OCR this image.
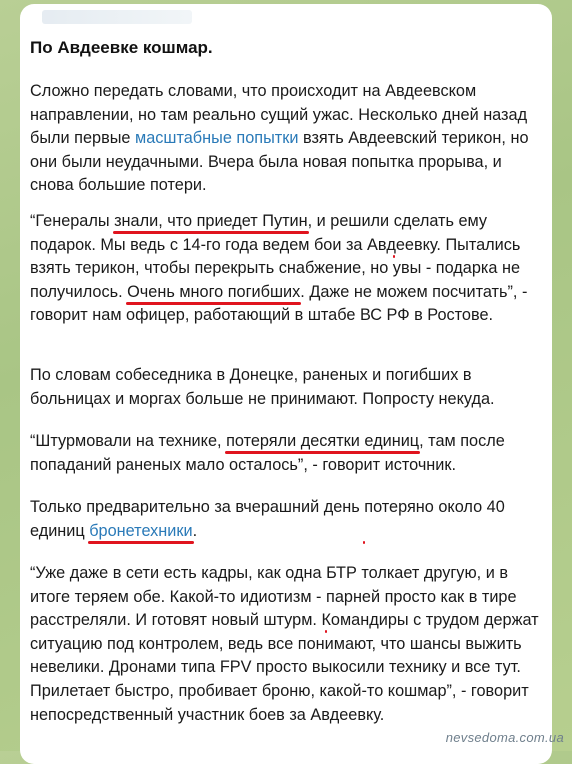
По Авдеевке кошмар.

Сложно передать словами, что происходит на Авдеевском направлении, но там реально сущий ужас. Несколько дней назад были первые масштабные попытки взять Авдеевский терикон, но они были неудачными. Вчера была новая попытка прорыва, и снова большие потери.

“Генералы знали, что приедет Путин, и решили сделать ему подарок. Мы ведь с 14-го года ведем бои за Авдеевку. Пытались взять терикон, чтобы перекрыть снабжение, но увы - подарка не получилось. Очень много погибших. Даже не можем посчитать”, - говорит нам офицер, работающий в штабе ВС РФ в Ростове.

По словам собеседника в Донецке, раненых и погибших в больницах и моргах больше не принимают. Попросту некуда.

“Штурмовали на технике, потеряли десятки единиц, там после попаданий раненых мало осталось”, - говорит источник.

Только предварительно за вчерашний день потеряно около 40 единиц бронетехники.

“Уже даже в сети есть кадры, как одна БТР толкает другую, и в итоге теряем обе. Какой-то идиотизм - парней просто как в тире расстреляли. И готовят новый штурм. Командиры с трудом держат ситуацию под контролем, ведь все понимают, что шансы выжить невелики. Дронами типа FPV просто выкосили технику и все тут. Прилетает быстро, пробивает броню, какой-то кошмар”, - говорит непосредственный участник боев за Авдеевку.

nevsedoma.com.ua
